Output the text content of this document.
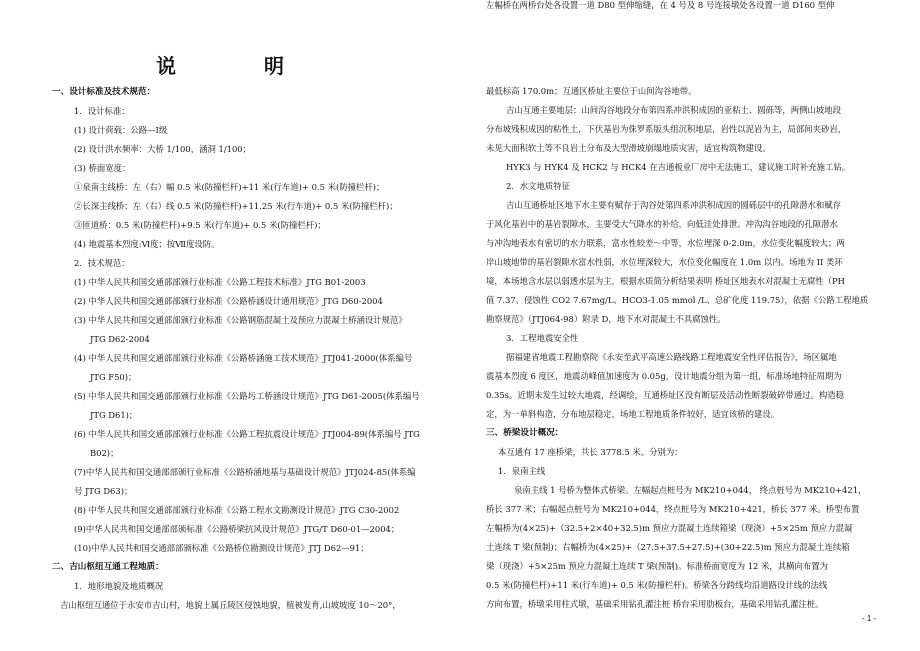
说　明
一、设计标准及技术规范：
1．设计标准：
(1) 设计荷载：公路—Ⅰ级
(2) 设计洪水频率：大桥 1/100，涵洞 1/100；
(3) 桥面宽度：
①泉南主线桥：左（右）幅 0.5 米(防撞栏杆)+11 米(行车道)+ 0.5 米(防撞栏杆)；
②长深主线桥：左（右）线 0.5 米(防撞栏杆)+11.25 米(行车道)+ 0.5 米(防撞栏杆)；
③匝道桥：0.5 米(防撞栏杆)+9.5 米(行车道)+ 0.5 米(防撞栏杆)；
(4) 地震基本烈度:Ⅵ度；按Ⅶ度设防。
2．技术规范：
(1) 中华人民共和国交通部部颁行业标准《公路工程技术标准》JTG B01-2003
(2) 中华人民共和国交通部部颁行业标准《公路桥涵设计通用规范》JTG D60-2004
(3) 中华人民共和国交通部部颁行业标准《公路钢筋混凝土及预应力混凝土桥涵设计规范》
JTG D62-2004
(4) 中华人民共和国交通部部颁行业标准《公路桥涵施工技术规范》JTJ041-2000(体系编号
JTG F50)；
(5) 中华人民共和国交通部部颁行业标准《公路圬工桥涵设计规范》JTG D61-2005(体系编号
JTG D61)；
(6) 中华人民共和国交通部部颁行业标准《公路工程抗震设计规范》JTJ004-89(体系编号 JTG
B02)；
(7)中华人民共和国交通部部颁行业标准《公路桥涵地基与基础设计规范》JTJ024-85(体系编
号 JTG D63)；
(8) 中华人民共和国交通部部颁行业标准《公路工程水文勘测设计规范》JTG C30-2002
(9)中华人民共和国交通部部颁标准《公路桥梁抗风设计规范》JTG/T D60-01—2004；
(10)中华人民共和国交通部部颁标准《公路桥位勘测设计规范》JTJ D62—91；
二、吉山枢纽互通工程地质：
1．地形地貌及地质概况
吉山枢纽互通位于永安市吉山村，地貌上属丘陵区侵蚀地貌，植被发育,山坡坡度 10～20°，
最低标高 170.0m；互通区桥址主要位于山间沟谷地带。
吉山互通主要地层：山间沟谷地段分布第四系冲洪积成因的亚粘土、圆砾等，两侧山坡地段
分布坡残积成因的粘性土，下伏基岩为侏罗系版头组沉积地层，岩性以泥岩为主，局部间夹砂岩，
未见大面积软土等不良岩土分布及大型滑坡崩塌地质灾害，适宜构筑物建设。
HYK3 与 HYK4 及 HCK2 与 HCK4 在吉通板业厂房中无法施工，建议施工时补充施工钻。
2．水文地质特征
吉山互通桥址区地下水主要有赋存于沟谷处第四系冲洪积成因的圆砾层中的孔隙潜水和赋存
于风化基岩中的基岩裂隙水，主要受大气降水的补给，向低洼处排泄。冲沟沟谷地段的孔隙潜水
与冲沟地表水有密切的水力联系，富水性较差～中等，水位埋深 0-2.0m，水位变化幅度较大；两
岸山坡地带的基岩裂隙水富水性弱，水位埋深较大，水位变化幅度在 1.0m 以内。场地为 II 类环
境，本场地含水层以弱透水层为主，根据水质简分析结果表明 桥址区地表水对混凝土无腐性（PH
值 7.37、侵蚀性 CO2 7.67mg/L、HCO3-1.05 mmol /L、总矿化度 119.75），依据《公路工程地质
勘察规范》（JTJ064-98）附录 D，地下水对混凝土不具腐蚀性。
3．工程地震安全性
据福建省地震工程勘察院《永安至武平高速公路线路工程地震安全性评估报告》，场区属地
震基本烈度 6 度区，地震动峰值加速度为 0.05g，设计地震分组为第一组，标准场地特征周期为
0.35s。近期未发生过较大地震，经调绘，互通桥址区没有断层及活动性断裂破碎带通过。构造稳
定，为一单斜构造，分布地层稳定，场地工程地质条件较好，适宜该桥的建设。
三、桥梁设计概况：
本互通有 17 座桥梁，共长 3778.5 米。分别为：
1．泉南主线
泉南主线 1 号桥为整体式桥梁。左幅起点桩号为 MK210+044， 终点桩号为 MK210+421，
桥长 377 米；右幅起点桩号为 MK210+044，终点桩号为 MK210+421，桥长 377 米。桥型布置
左幅桥为(4×25)+（32.5+2×40+32.5)m 预应力混凝土连续箱梁（现浇）+5×25m 预应力混凝
土连续 T 梁(预制)；右幅桥为(4×25)+（27.5+37.5+27.5)+(30+22.5)m 预应力混凝土连续箱
梁（现浇）+5×25m 预应力混凝土连续 T 梁(预制)。标准桥面宽度为 12 米，其横向布置为
0.5 米(防撞栏杆)+11 米(行车道)+ 0.5 米(防撞栏杆)。桥梁各分跨线均沿道路设计线的法线
方向布置，桥墩采用柱式墩，基础采用钻孔灌注桩 桥台采用肋板台，基础采用钻孔灌注桩。
左幅桥在两桥台处各设置一道 D80 型伸缩缝，在 4 号及 8 号连接墩处各设置一道 D160 型伸
- 1 -
